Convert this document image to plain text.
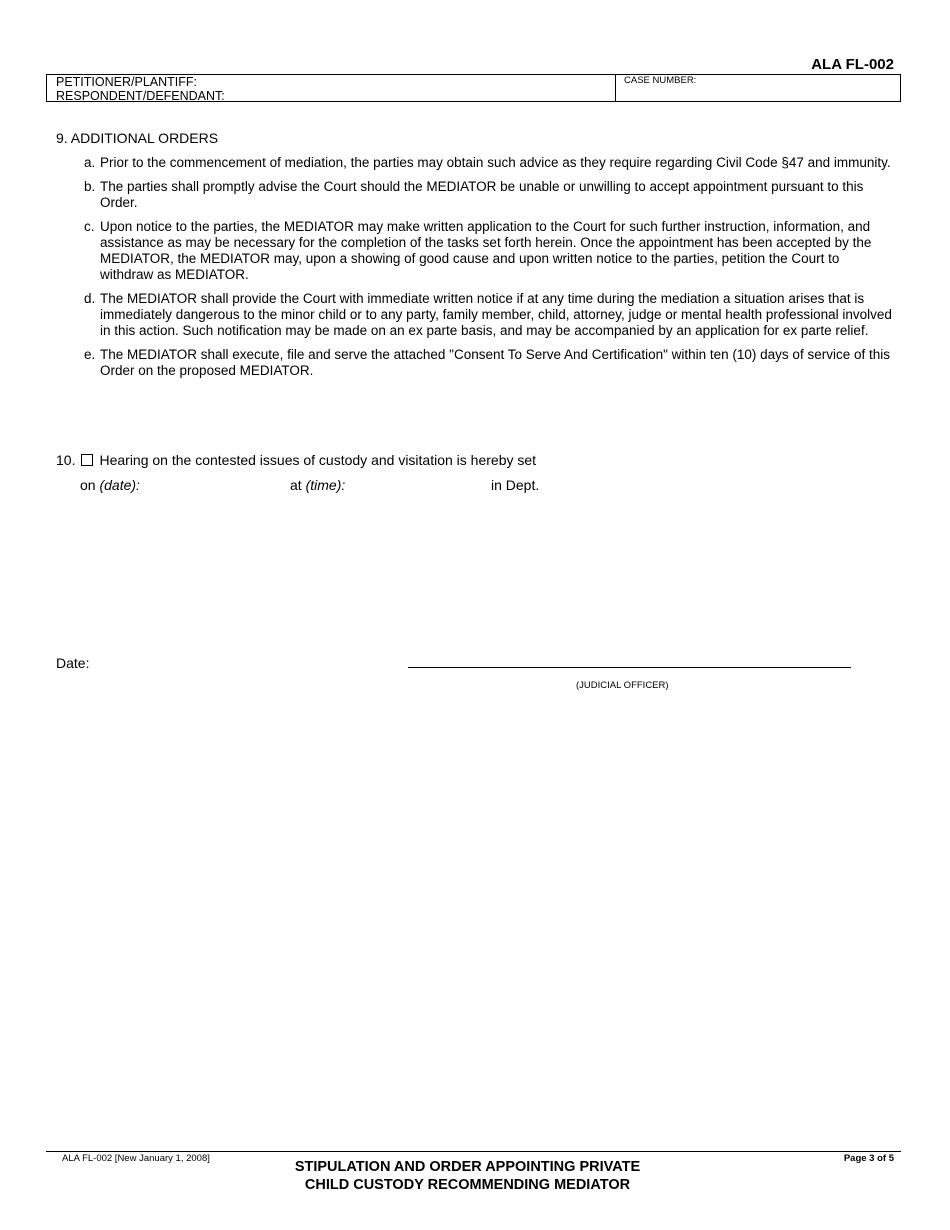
ALA FL-002
PETITIONER/PLANTIFF:
RESPONDENT/DEFENDANT:
CASE NUMBER:
9. ADDITIONAL ORDERS
a. Prior to the commencement of mediation, the parties may obtain such advice as they require regarding Civil Code §47 and immunity.
b. The parties shall promptly advise the Court should the MEDIATOR be unable or unwilling to accept appointment pursuant to this Order.
c. Upon notice to the parties, the MEDIATOR may make written application to the Court for such further instruction, information, and assistance as may be necessary for the completion of the tasks set forth herein. Once the appointment has been accepted by the MEDIATOR, the MEDIATOR may, upon a showing of good cause and upon written notice to the parties, petition the Court to withdraw as MEDIATOR.
d. The MEDIATOR shall provide the Court with immediate written notice if at any time during the mediation a situation arises that is immediately dangerous to the minor child or to any party, family member, child, attorney, judge or mental health professional involved in this action. Such notification may be made on an ex parte basis, and may be accompanied by an application for ex parte relief.
e. The MEDIATOR shall execute, file and serve the attached "Consent To Serve And Certification" within ten (10) days of service of this Order on the proposed MEDIATOR.
10. Hearing on the contested issues of custody and visitation is hereby set
on (date):	at (time):	in Dept.
Date:
(JUDICIAL OFFICER)
ALA FL-002 [New January 1, 2008]	Page 3 of 5
STIPULATION AND ORDER APPOINTING PRIVATE
CHILD CUSTODY RECOMMENDING MEDIATOR
